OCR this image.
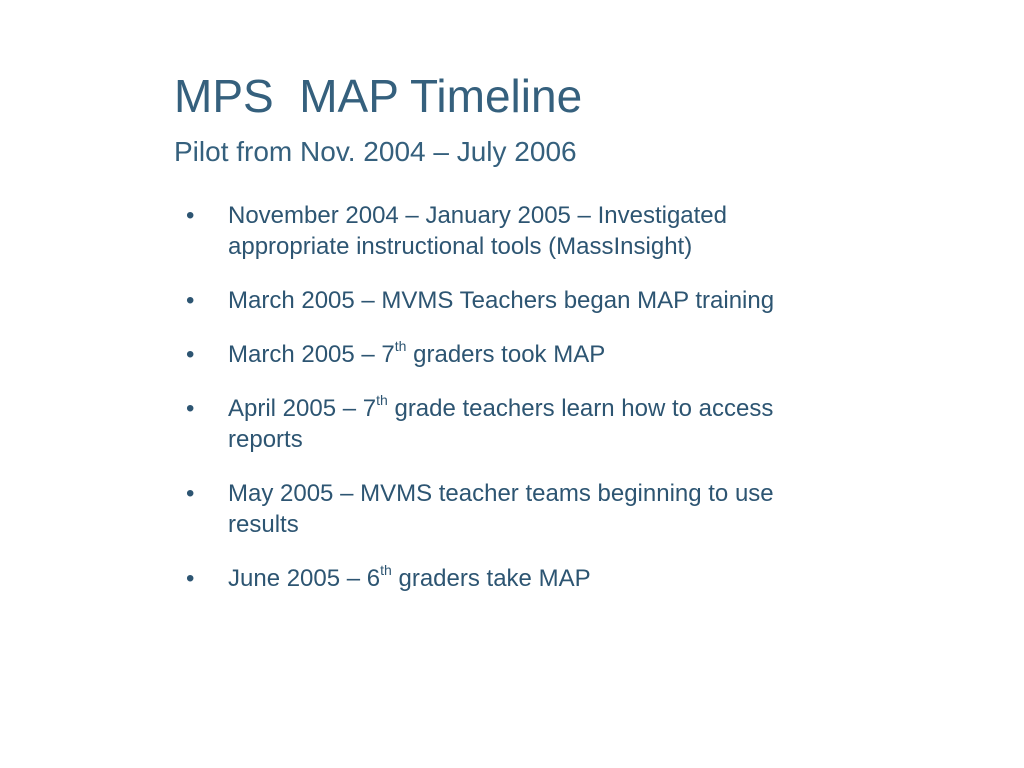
MPS  MAP Timeline
Pilot from Nov. 2004 – July 2006
• November 2004 – January 2005 – Investigated appropriate instructional tools (MassInsight)
• March 2005 – MVMS Teachers began MAP training
• March 2005 – 7th graders took MAP
• April 2005 – 7th grade teachers learn how to access reports
• May 2005 – MVMS teacher teams beginning to use results
• June 2005 – 6th graders take MAP
